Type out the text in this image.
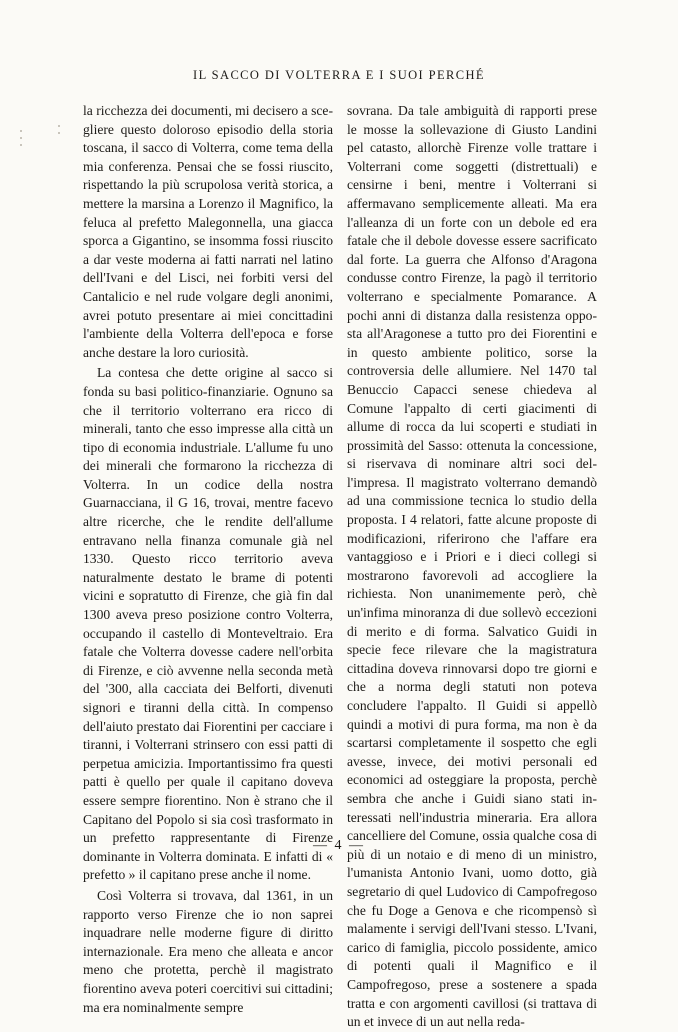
IL SACCO DI VOLTERRA E I SUOI PERCHÉ

la ricchezza dei documenti, mi decisero a scegliere questo doloroso episodio della storia toscana, il sacco di Volterra, come tema della mia conferenza. Pensai che se fossi riuscito, rispettando la più scrupolosa verità storica, a mettere la marsina a Lorenzo il Magnifico, la feluca al prefetto Malegonnella, una giacca sporca a Gigantino, se insomma fossi riuscito a dar veste moderna ai fatti narrati nel latino dell'Ivani e del Lisci, nei forbiti versi del Cantalicio e nel rude volgare degli anonimi, avrei potuto presentare ai miei concittadini l'ambiente della Volterra dell'epoca e forse anche destare la loro curiosità.

La contesa che dette origine al sacco si fonda su basi politico-finanziarie. Ognuno sa che il territorio volterrano era ricco di minerali, tanto che esso impresse alla città un tipo di economia industriale. L'allume fu uno dei minerali che formarono la ricchezza di Volterra. In un codice della nostra Guarnacciana, il G 16, trovai, mentre facevo altre ricerche, che le rendite dell'allume entravano nella finanza comunale già nel 1330. Questo ricco territorio aveva naturalmente destato le brame di potenti vicini e sopratutto di Firenze, che già fin dal 1300 aveva preso posizione contro Volterra, occupando il castello di Monteveltraio. Era fatale che Volterra dovesse cadere nell'orbita di Firenze, e ciò avvenne nella seconda metà del '300, alla cacciata dei Belforti, divenuti signori e tiranni della città. In compenso dell'aiuto prestato dai Fiorentini per cacciare i tiranni, i Volterrani strinsero con essi patti di perpetua amicizia. Importantissimo fra questi patti è quello per quale il capitano doveva essere sempre fiorentino. Non è strano che il Capitano del Popolo si sia così trasformato in un prefetto rappresentante di Firenze dominante in Volterra dominata. E infatti di « prefetto » il capitano prese anche il nome.

Così Volterra si trovava, dal 1361, in un rapporto verso Firenze che io non saprei inquadrare nelle moderne figure di diritto internazionale. Era meno che alleata e ancor meno che protetta, perchè il magistrato fiorentino aveva poteri coercitivi sui cittadini; ma era nominalmente sempre

sovrana. Da tale ambiguità di rapporti prese le mosse la sollevazione di Giusto Landini pel catasto, allorchè Firenze volle trattare i Volterrani come soggetti (distrettuali) e censirne i beni, mentre i Volterrani si affermavano semplicemente alleati. Ma era l'alleanza di un forte con un debole ed era fatale che il debole dovesse essere sacrificato dal forte. La guerra che Alfonso d'Aragona condusse contro Firenze, la pagò il territorio volterrano e specialmente Pomarance. A pochi anni di distanza dalla resistenza opposta all'Aragonese a tutto pro dei Fiorentini e in questo ambiente politico, sorse la controversia delle allumiere. Nel 1470 tal Benuccio Capacci senese chiedeva al Comune l'appalto di certi giacimenti di allume di rocca da lui scoperti e studiati in prossimità del Sasso: ottenuta la concessione, si riservava di nominare altri soci dell'impresa. Il magistrato volterrano demandò ad una commissione tecnica lo studio della proposta. I 4 relatori, fatte alcune proposte di modificazioni, riferirono che l'affare era vantaggioso e i Priori e i dieci collegi si mostrarono favorevoli ad accogliere la richiesta. Non unanimemente però, chè un'infima minoranza di due sollevò eccezioni di merito e di forma. Salvatico Guidi in specie fece rilevare che la magistratura cittadina doveva rinnovarsi dopo tre giorni e che a norma degli statuti non poteva concludere l'appalto. Il Guidi si appellò quindi a motivi di pura forma, ma non è da scartarsi completamente il sospetto che egli avesse, invece, dei motivi personali ed economici ad osteggiare la proposta, perchè sembra che anche i Guidi siano stati interessati nell'industria mineraria. Era allora cancelliere del Comune, ossia qualche cosa di più di un notaio e di meno di un ministro, l'umanista Antonio Ivani, uomo dotto, già segretario di quel Ludovico di Campofregoso che fu Doge a Genova e che ricompensò sì malamente i servigi dell'Ivani stesso. L'Ivani, carico di famiglia, piccolo possidente, amico di potenti quali il Magnifico e il Campofregoso, prese a sostenere a spada tratta e con argomenti cavillosi (si trattava di un et invece di un aut nella reda-

— 4 —
